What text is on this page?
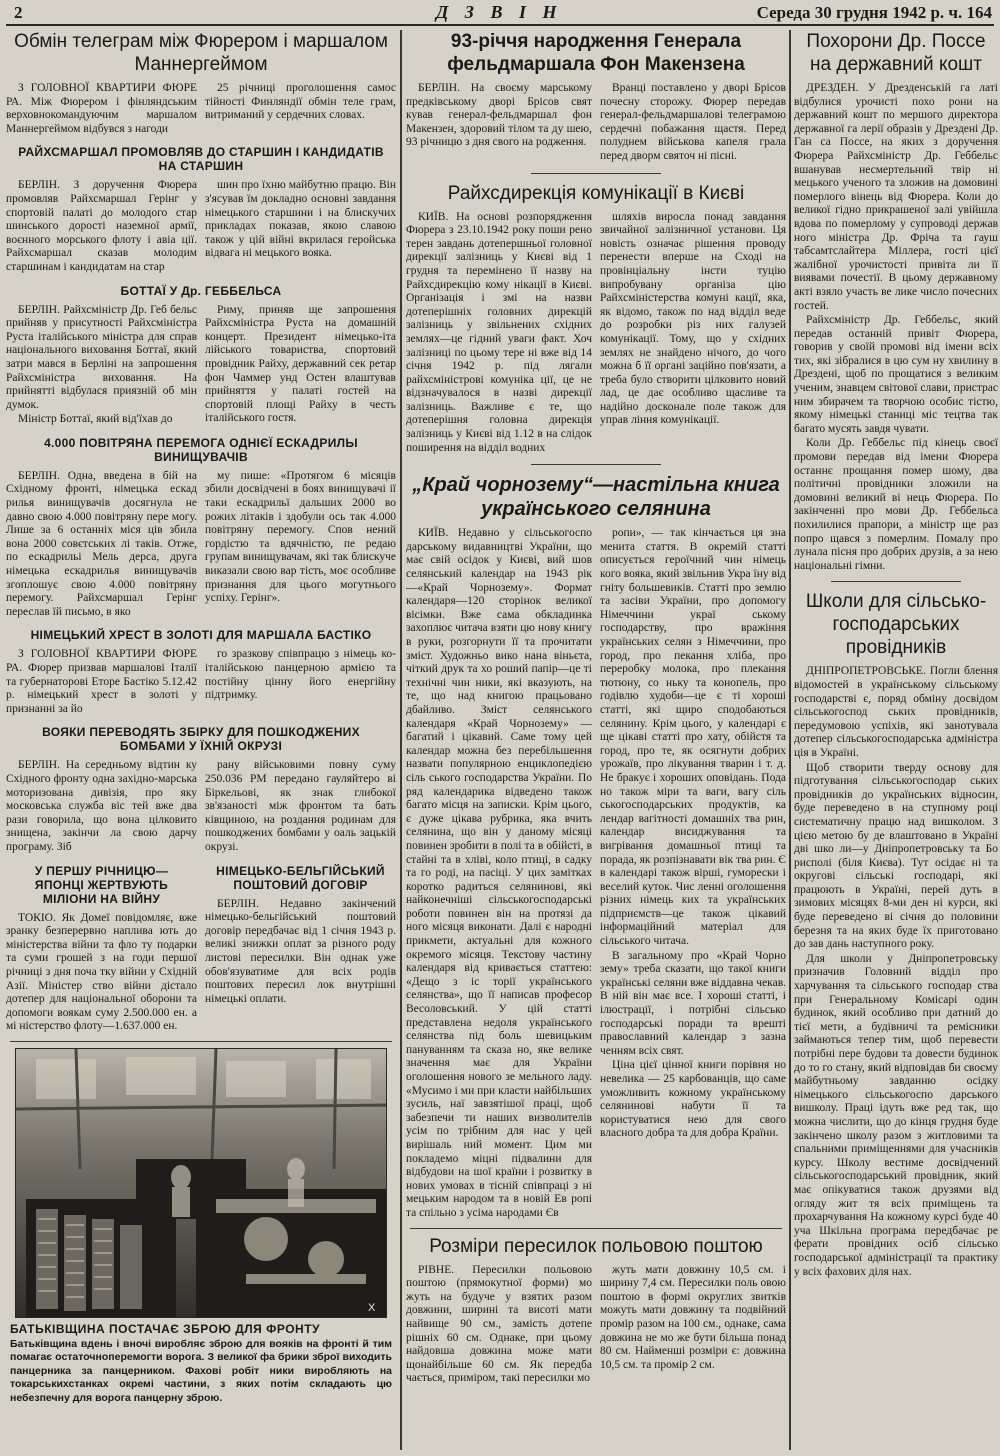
2	Д З В І Н	Середа 30 грудня 1942 р. ч. 164
Обмін телеграм між Фюрером і маршалом Маннергеймом

З ГОЛОВНОЇ КВАРТИРИ ФЮРЕ РА. Між Фюрером і фінляндським верховнокомандуючим маршалом Маннергеймом відбувся з нагоди

25 річниці проголошення самос тійності Финляндії обмін теле грам, витриманий у сердечних словах.

РАЙХСМАРШАЛ ПРОМОВЛЯВ ДО СТАРШИН І КАНДИДАТІВ НА СТАРШИН

БЕРЛІН. З доручення Фюрера промовляв Райхсмаршал Герінг у спортовій палаті до молодого стар шинського дорості наземної армії, воєнного морського флоту і авіа ції. Райхсмаршал сказав молодим старшинам і кандидатам на стар

шин про їхню майбутню працю. Він з'ясував їм докладно основні завдання німецького старшини і на блискучих прикладах показав, якою славою також у цій війні вкрилася геройська відвага ні мецького вояка.

БОТТАЇ У Др. ГЕББЕЛЬСА

БЕРЛІН. Райхсміністр Др. Геб бельс прийняв у присутності Райхсміністра Руста італійського міністра для справ національного виховання Боттаї, який затри мався в Берліні на запрошення Райхсміністра виховання. На прийнятті відбулася приязній об мін думок.

Міністр Боттаї, який від'їхав до

Риму, приняв ще запрошення Райхсміністра Руста на домашній концерт. Президент німецько-іта лійського товариства, спортовий провідник Райху, державний сек ретар фон Чаммер унд Остен влаштував прийняття у палаті гостей на спортовій площі Райху в честь італійського гостя.

4.000 ПОВІТРЯНА ПЕРЕМОГА ОДНІЄЇ ЕСКАДРИЛЬІ ВИНИЩУВАЧІВ

БЕРЛІН. Одна, введена в бій на Східному фронті, німецька ескад рилья винищувачів досягнула не давно свою 4.000 повітряну пере могу. Лише за 6 останніх міся ців збила вона 2000 совєтських лі таків. Отже, по ескадрильі Мель дерса, друга німецька ескадрилья винищувачів згоплошує свою 4.000 повітряну перемогу. Райхсмаршал Герінг переслав їй письмо, в яко

му пише: «Протягом 6 місяців збили досвідчені в боях винищувачі ії таки ескадрильї дальших 2000 во рожих літаків і здобули ось так 4.000 повітряну перемогу. Спов нений гордістю та вдячністю, пе редаю групам винищувачам, які так блискуче виказали свою вар тість, моє особливе признання для цього могутнього успіху. Герінг».

НІМЕЦЬКИЙ ХРЕСТ В ЗОЛОТІ ДЛЯ МАРШАЛА БАСТІКО

З ГОЛОВНОЇ КВАРТИРИ ФЮРЕ РА. Фюрер призвав маршалові Італії та губернаторові Еторе Бастіко 5.12.42 р. німецький хрест в золоті у признанні за йо

го зразкову співпрацю з німець ко-італійською панцерною армією та постійну цінну його енергійну підтримку.

ВОЯКИ ПЕРЕВОДЯТЬ ЗБІРКУ ДЛЯ ПОШКОДЖЕНИХ БОМБАМИ У ЇХНІЙ ОКРУЗІ

БЕРЛІН. На середньому відтин ку Східного фронту одна західно-марська моторизована дивізія, про яку московська служба віс тей вже два рази говорила, що вона цілковито знищена, закінчи ла свою дарчу програму. Зіб

рану військовими повну суму 250.036 РМ передано гауляйтеро ві Біркельові, як знак глибокої зв'язаності між фронтом та бать ківщиною, на роздання родинам для пошкоджених бомбами у оаль зацькій окрузі.

У ПЕРШУ РІЧНИЦЮ—ЯПОНЦІ ЖЕРТВУЮТЬ МІЛІОНИ НА ВІЙНУ

ТОКІО. Як Домеї повідомляє, вже зранку безперервно наплива ють до міністерства війни та фло ту подарки та суми грошей з на годи першої річниці з дня поча тку війни у Східній Азії. Міністер ство війни дістало дотепер для національної оборони та допомоги воякам суму 2.500.000 ен. а мі ністерство флоту—1.637.000 ен.

НІМЕЦЬКО-БЕЛЬГІЙСЬКИЙ ПОШТОВИЙ ДОГОВІР

БЕРЛІН. Недавно закінчений німецько-бельгійський поштовий договір передбачає від 1 січня 1943 р. великі знижки оплат за різного роду листові пересилки. Він однак уже обов'язуватиме для всіх родів поштових пересил лок внутрішні німецькі оплати.

X
БАТЬКІВЩИНА ПОСТАЧАЄ ЗБРОЮ ДЛЯ ФРОНТУ
Батьківщина вдень і вночі виробляє зброю для вояків на фронті й тим помагає остаточноперемогти ворога. З великої фа брики зброї виходить панцерника за панцерником. Фахові робіт ники виробляють на токарськихстанках окремі частини, з яких потім складають цю небезпечну для ворога панцерну зброю.
93-річчя народження Генерала фельдмаршала Фон Макензена

БЕРЛІН. На своєму марському предківському дворі Брісов свят кував генерал-фельдмаршал фон Макензен, здоровий тілом та ду шею, 93 річницю з дня свого на родження.

Вранці поставлено у дворі Брісов почесну сторожу. Фюрер передав генерал-фельдмаршалові телеграмою сердечні побажання щастя. Перед полуднем військова капеля грала перед дворм святоч ні пісні.

Райхсдирекція комунікації в Києві

КИЇВ. На основі розпорядження Фюрера з 23.10.1942 року поши рено терен завдань дотепершньої головної дирекції залізниць у Києві від 1 грудня та перемінено її назву на Райхсдирекцію кому нікації в Києві. Організація і змі на назви дотеперішніх головних дирекцій залізниць у звільнених східних землях—це гідний уваги факт. Хоч залізниці по цьому тере ні вже від 14 січня 1942 р. під лягали райхсміністрові комуніка ції, це не відзначувалося в назві дирекції залізниць. Важливе є те, що дотеперішня головна дирекція залізниць у Києві від 1.12 в на слідок поширення на відділ водних

шляхів виросла понад завдання звичайної залізничної установи. Ця новість означає рішення проводу перенести вперше на Сході на провінціальну інсти туцію випробувану організа цію Райхсміністерства комуні кації, яка, як відомо, також по над відділ веде до розробки різ них галузей комунікації. Тому, що у східних землях не знайдено нічого, до чого можна б її органі заційно пов'язати, а треба було створити цілковито новий лад, це дає особливо щасливе та надійно досконале поле також для управ ління комунікації.

„Край чорнозему“—настільна книга українського селянина

КИЇВ. Недавно у сільськогоспо дарському видавництві України, що має свій осідок у Києві, вий шов селянський календар на 1943 рік—«Край Чорнозему». Формат календаря—120 сторінок великої вісімки. Вже сама обкладинка захоплює читача взяти цю нову книгу в руки, розгорнути її та прочитати зміст. Художньо вико нана віньєта, чіткий друк та хо роший папір—це ті технічні чин ники, які вказують, на те, що над книгою працьовано дбайливо. Зміст селянського календаря «Край Чорнозему» — багатий і цікавий. Саме тому цей календар можна без перебільшення назвати популярною енциклопедією сіль ського господарства України. По ряд календарика відведено також багато місця на записки. Крім цього, є дуже цікава рубрика, яка вчить селянина, що він у даному місяці повинен зробити в полі та в обійсті, в стайні та в хліві, коло птиці, в садку та го роді, на пасіці. У цих замітках коротко радиться селянинові, які найконечніші сільськогосподарські роботи повинен він на протязі да ного місяця виконати. Далі є народні прикмети, актуальні для кожного окремого місяця. Текстову частину календаря від кривається статтею: «Дещо з іс торії українського селянства», що її написав професор Весоловський. У цій статті представлена недоля українського селянства під боль шевицьким пануванням та сказа но, яке велике значення має для України оголошення нового зе мельного ладу. «Мусимо і ми при класти найбільших зусиль, наї завзятішої праці, щоб забезпечи ти наших визволителів усім по трібним для нас у цей вирішаль ний момент. Цим ми покладемо міцні підвалини для відбудови на шої країни і розвитку в нових умовах в тісній співпраці з ні мецьким народом та в новій Ев ропі та спільно з усіма народами Єв

ропи», — так кінчається ця зна менита стаття. В окремій статті описується героїчний чин німець кого вояка, який звільнив Укра їну від гніту большевиків. Статті про землю та засіви України, про допомогу Німеччини украї ському господарству, про вражіння українських селян з Німеччини, про город, про пекання хліба, про переробку молока, про плекання тютюну, со ньку та конопель, про годівлю худоби—це є ті хороші статті, які щиро сподобаються селянину. Крім цього, у календарі є ще цікаві статті про хату, обійстя та город, про те, як осягнути добрих урожаїв, про лікування тварин і т. д. Не бракує і хороших оповідань. Пода но також міри та ваги, вагу сіль ськогосподарських продуктів, ка лендар вагітності домашніх тва рин, календар висиджування та вигрівання домашньої птиці та порада, як розпізнавати вік тва рин. Є в календарі також вірші, гуморески і веселий куток. Чис ленні оголошення різних німець ких та українських підприємств—це також цікавий інформаційний матеріал для сільського читача.

В загальному про «Край Чорно зему» треба сказати, що такої книги українські селяни вже віддавна чекав. В ній він має все. І хороші статті, і ілюстрації, і потрібні сільсько господарські поради та врешті православний календар з зазна ченням всіх свят.

Ціна цієї цінної книги порівня но невелика — 25 карбованців, що саме уможливить кожному українському селянинові набути її та користуватися нею для свого власного добра та для добра Країни.

Розміри пересилок польовою поштою

РІВНЕ. Пересилки польовою поштою (прямокутної форми) мо жуть на будуче у взятих разом довжини, ширині та висоті мати найвище 90 см., замість дотепе рішніх 60 см. Однаке, при цьому найдовша довжина може мати щонайбільше 60 см. Як передба чається, приміром, такі пересилки мо

жуть мати довжину 10,5 см. і ширину 7,4 см. Пересилки поль овою поштою в формі округлих звитків можуть мати довжину та подвійний промір разом на 100 см., однаке, сама довжина не мо же бути більша понад 80 см. Найменші розміри є: довжина 10,5 см. та промір 2 см.

Похорони Др. Поссе на державний кошт

ДРЕЗДЕН. У Дрезденській га латі відбулися урочисті похо рони на державний кошт по мершого директора державної га лерії образів у Дрездені Др. Ган са Поссе, на яких з доручення Фюрера Райхсміністр Др. Геббельс вшанував несмертельний твір ні мецького ученого та зложив на домовині померлого вінець від Фюрера. Коли до великої гідно прикрашеної залі увійшла вдова по померлому у супроводі держав ного міністра Др. Фріча та гауш табсамтслайтера Міллера, гості цієї жалібної урочистості привіта ли її виявами почестії. В цьому державному акті взяло участь ве лике число почесних гостей.

Райхсміністр Др. Геббельс, який передав останній привіт Фюрера, говорив у своїй промові від імени всіх тих, які зібралися в цю сум ну хвилину в Дрездені, щоб по прощатися з великим ученим, знавцем світової слави, пристрас ним збирачем та творчою особис тістю, якому німецькі станиці міс тецтва так багато мусять завдя чувати.

Коли Др. Геббельс під кінець своєї промови передав від імени Фюрера останнє прощання помер шому, два політичні провідники зложили на домовині великий ві нець Фюрера. По закінченні про мови Др. Геббельса похилилися прапори, а міністр ще раз попро щався з померлим. Помалу про лунала пісня про добрих друзів, а за нею національні гімни.

Школи для сільсько-господарських провідників

ДНІПРОПЕТРОВСЬКЕ. Погли блення відомостей в українському сільському господарстві є, поряд обміну досвідом сільськогоспод ських провідників, передумовою успіхів, які занотувала дотепер сільськогосподарська адміністра ція в Україні.

Щоб створити тверду основу для підготування сільськогосподар ських провідників до українських відносин, буде переведено в на ступному році систематичну працю над вишколом. З цією метою бу де влаштовано в Україні дві шко ли—у Дніпропетровську та Бо рисполі (біля Києва). Тут осідає ні та округові сільські господарі, які працюють в Україні, перей дуть в зимових місяцях 8-ми ден ні курси, які буде переведено ві січня до половини березня та на яких буде їх приготовано до зав дань наступного року.

Для школи у Дніпропетровську призначив Головний відділ про харчування та сільського господар ства при Генеральному Комісарі один будинок, який особливо при датний до тієї мети, а будівничі та ремісники займаються тепер тим, щоб перевести потрібні пере будови та довести будинок до то го стану, який відповідав би своєму майбутньому завданню осідку німецького сільськогоспо дарського вишколу. Праці ідуть вже ред так, що можна числити, що до кінця грудня буде закінчено школу разом з житловими та спальними приміщеннями для учасників курсу. Школу вестиме досвідчений сільськогосподарський провідник, який має опікуватися також друзями від огляду жит тя всіх приміщень та прохарчування На кожному курсі буде 40 уча Шкільна програма передбачає ре ферати провідних осіб сільсько господарської адміністрації та практику у всіх фахових діля нах.
